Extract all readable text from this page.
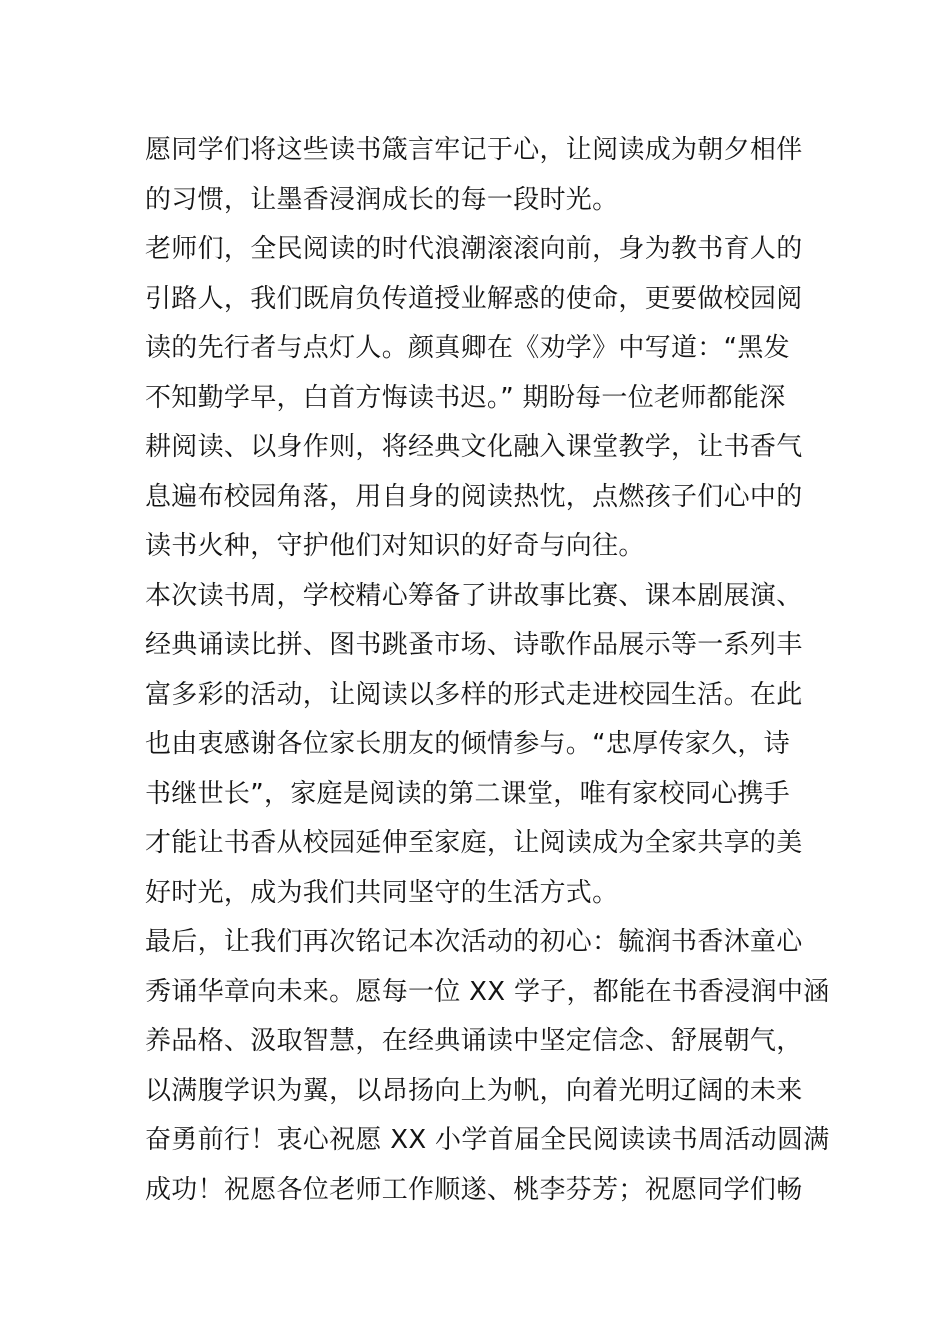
愿同学们将这些读书箴言牢记于心，让阅读成为朝夕相伴
的习惯，让墨香浸润成长的每一段时光。
老师们，全民阅读的时代浪潮滚滚向前，身为教书育人的
引路人，我们既肩负传道授业解惑的使命，更要做校园阅
读的先行者与点灯人。颜真卿在《劝学》中写道：“黑发
不知勤学早，白首方悔读书迟。” 期盼每一位老师都能深
耕阅读、以身作则，将经典文化融入课堂教学，让书香气
息遍布校园角落，用自身的阅读热忱，点燃孩子们心中的
读书火种，守护他们对知识的好奇与向往。
本次读书周，学校精心筹备了讲故事比赛、课本剧展演、
经典诵读比拼、图书跳蚤市场、诗歌作品展示等一系列丰
富多彩的活动，让阅读以多样的形式走进校园生活。在此
也由衷感谢各位家长朋友的倾情参与。“忠厚传家久，诗
书继世长”，家庭是阅读的第二课堂，唯有家校同心携手
才能让书香从校园延伸至家庭，让阅读成为全家共享的美
好时光，成为我们共同坚守的生活方式。
最后，让我们再次铭记本次活动的初心：毓润书香沐童心
秀诵华章向未来。愿每一位 XX 学子，都能在书香浸润中涵
养品格、汲取智慧，在经典诵读中坚定信念、舒展朝气，
以满腹学识为翼，以昂扬向上为帆，向着光明辽阔的未来
奋勇前行！衷心祝愿 XX 小学首届全民阅读读书周活动圆满
成功！祝愿各位老师工作顺遂、桃李芬芳；祝愿同学们畅
